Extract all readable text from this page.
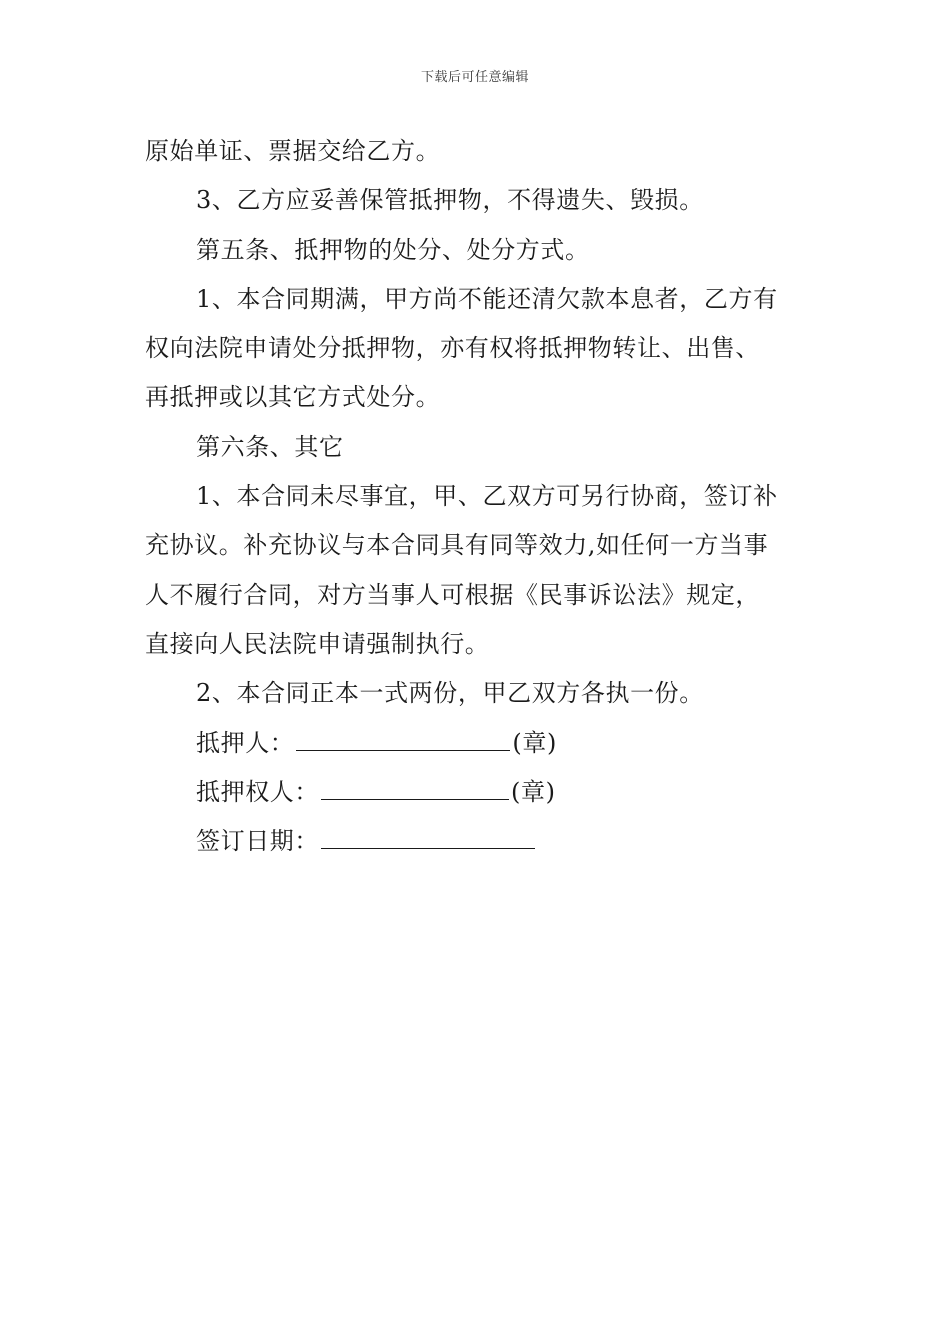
下载后可任意编辑
原始单证、票据交给乙方。
3、乙方应妥善保管抵押物，不得遗失、毁损。
第五条、抵押物的处分、处分方式。
1、本合同期满，甲方尚不能还清欠款本息者，乙方有
权向法院申请处分抵押物，亦有权将抵押物转让、出售、
再抵押或以其它方式处分。
第六条、其它
1、本合同未尽事宜，甲、乙双方可另行协商，签订补
充协议。补充协议与本合同具有同等效力,如任何一方当事
人不履行合同，对方当事人可根据《民事诉讼法》规定，
直接向人民法院申请强制执行。
2、本合同正本一式两份，甲乙双方各执一份。
抵押人：	(章)
抵押权人：	(章)
签订日期：
